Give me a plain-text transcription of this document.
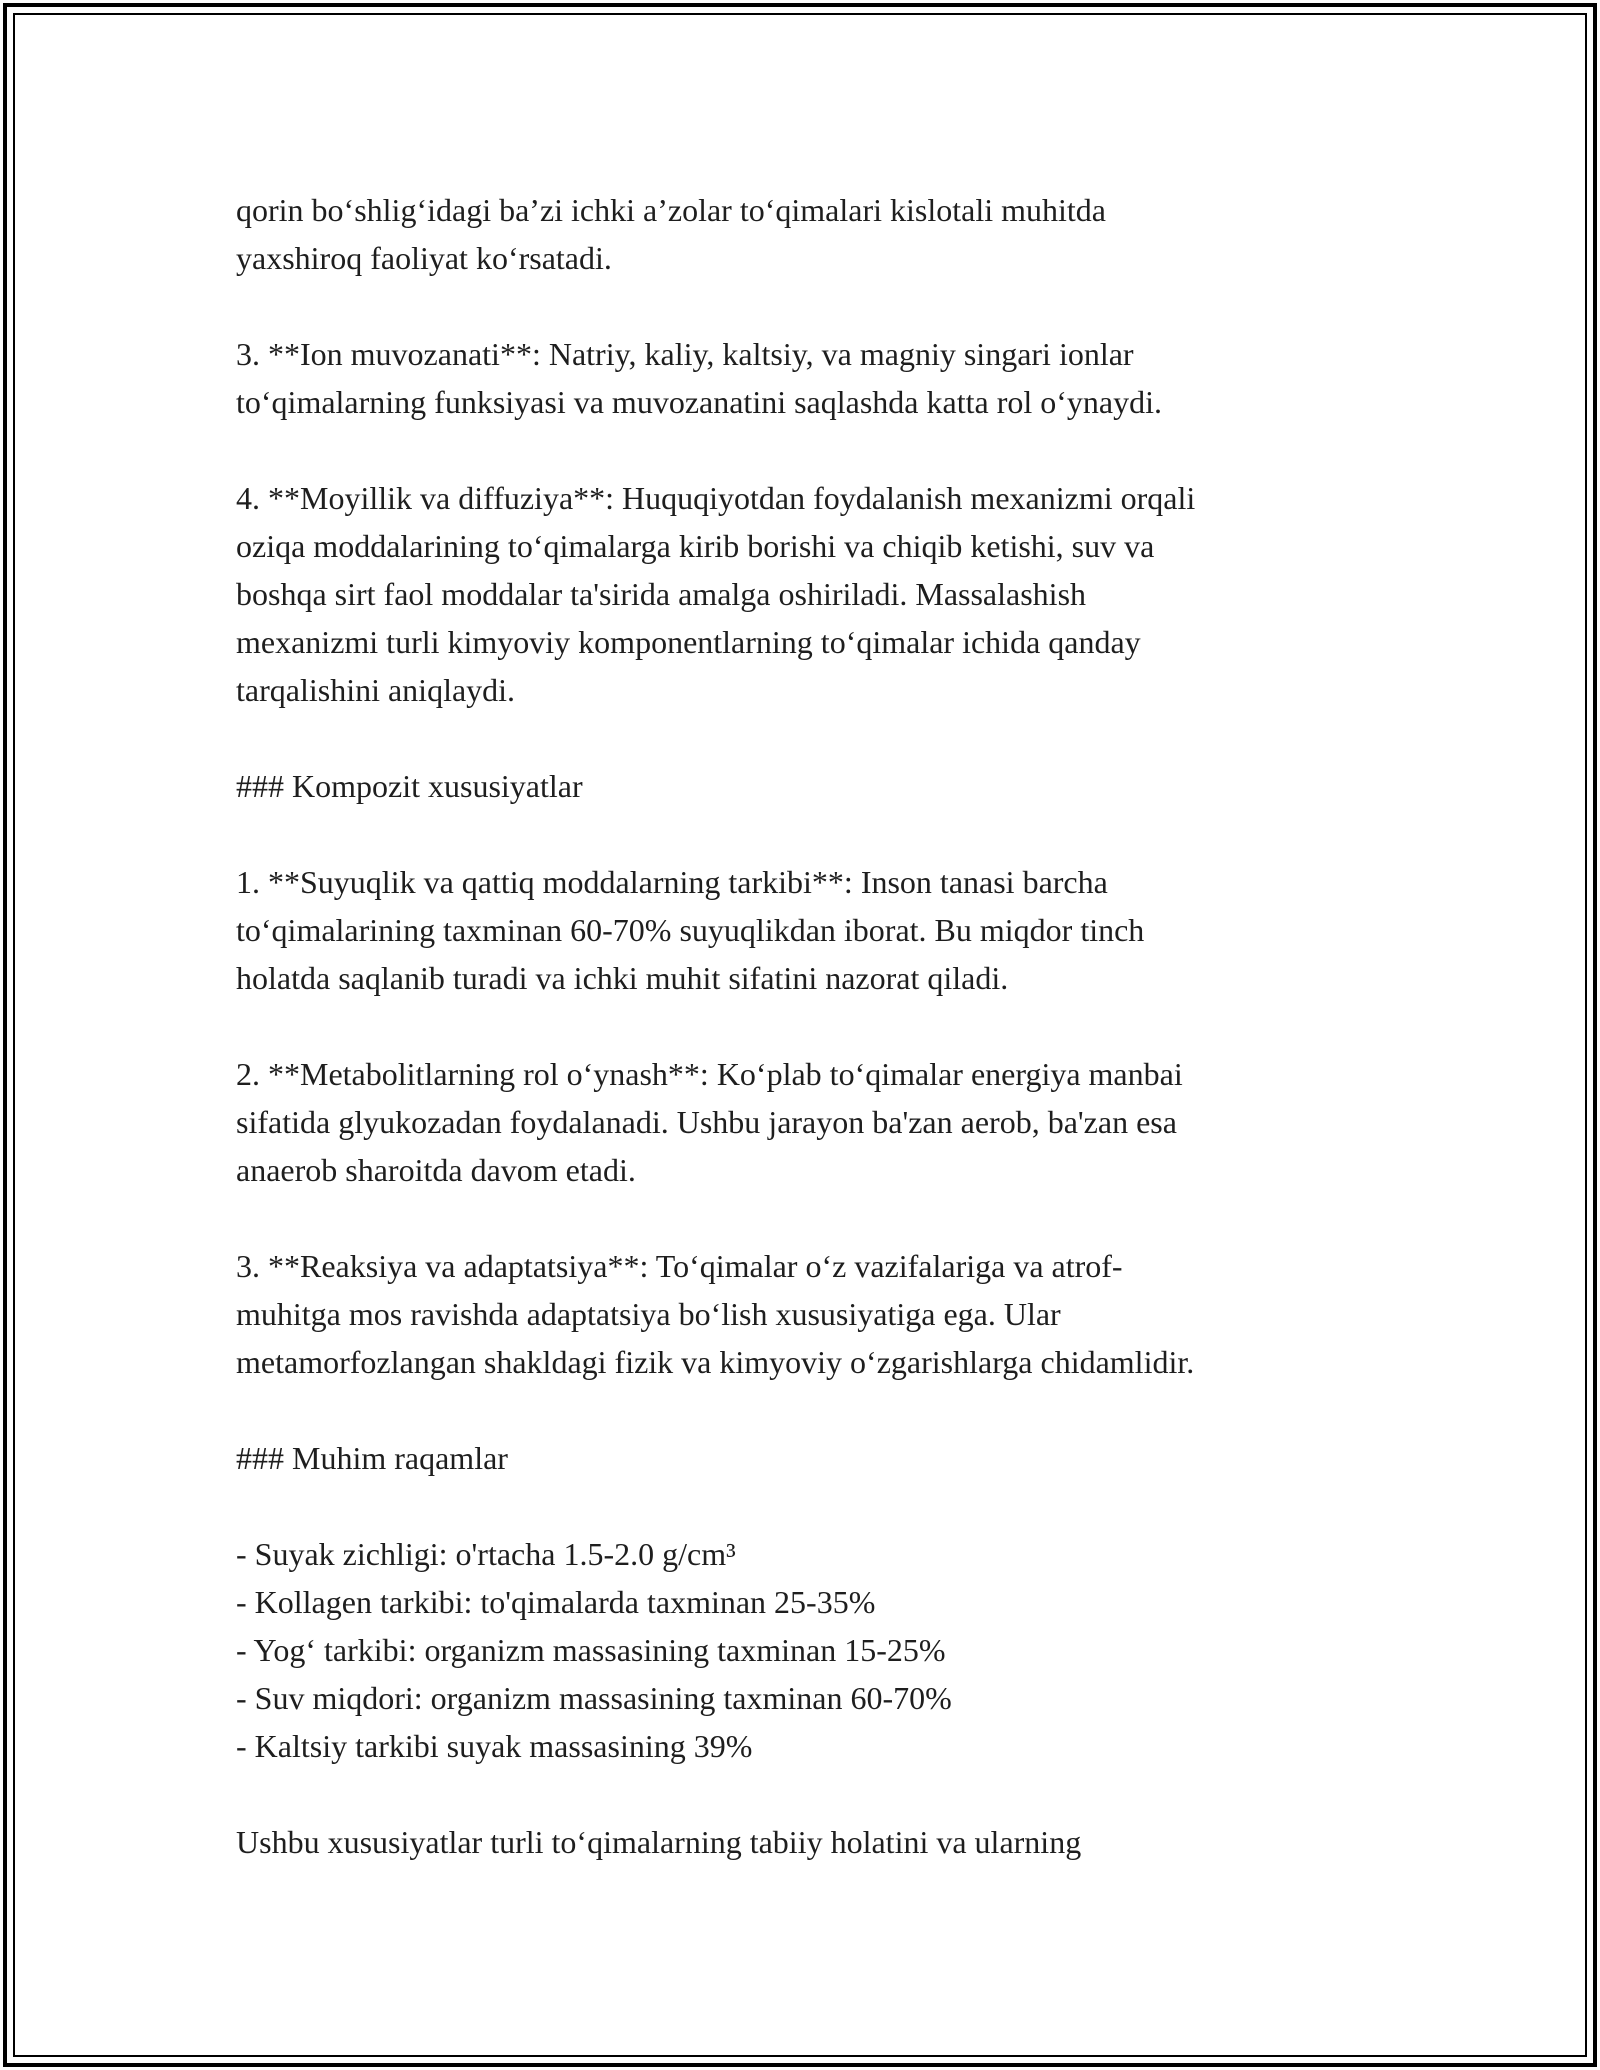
qorin bo‘shlig‘idagi ba’zi ichki a’zolar to‘qimalari kislotali muhitda
yaxshiroq faoliyat ko‘rsatadi.

3. **Ion muvozanati**: Natriy, kaliy, kaltsiy, va magniy singari ionlar
to‘qimalarning funksiyasi va muvozanatini saqlashda katta rol o‘ynaydi.

4. **Moyillik va diffuziya**: Huquqiyotdan foydalanish mexanizmi orqali
oziqa moddalarining to‘qimalarga kirib borishi va chiqib ketishi, suv va
boshqa sirt faol moddalar ta'sirida amalga oshiriladi. Massalashish
mexanizmi turli kimyoviy komponentlarning to‘qimalar ichida qanday
tarqalishini aniqlaydi.

### Kompozit xususiyatlar

1. **Suyuqlik va qattiq moddalarning tarkibi**: Inson tanasi barcha
to‘qimalarining taxminan 60-70% suyuqlikdan iborat. Bu miqdor tinch
holatda saqlanib turadi va ichki muhit sifatini nazorat qiladi.

2. **Metabolitlarning rol o‘ynash**: Ko‘plab to‘qimalar energiya manbai
sifatida glyukozadan foydalanadi. Ushbu jarayon ba'zan aerob, ba'zan esa
anaerob sharoitda davom etadi.

3. **Reaksiya va adaptatsiya**: To‘qimalar o‘z vazifalariga va atrof-
muhitga mos ravishda adaptatsiya bo‘lish xususiyatiga ega. Ular
metamorfozlangan shakldagi fizik va kimyoviy o‘zgarishlarga chidamlidir.

### Muhim raqamlar

- Suyak zichligi: o'rtacha 1.5-2.0 g/cm³
- Kollagen tarkibi: to'qimalarda taxminan 25-35%
- Yog‘ tarkibi: organizm massasining taxminan 15-25%
- Suv miqdori: organizm massasining taxminan 60-70%
- Kaltsiy tarkibi suyak massasining 39%

Ushbu xususiyatlar turli to‘qimalarning tabiiy holatini va ularning
